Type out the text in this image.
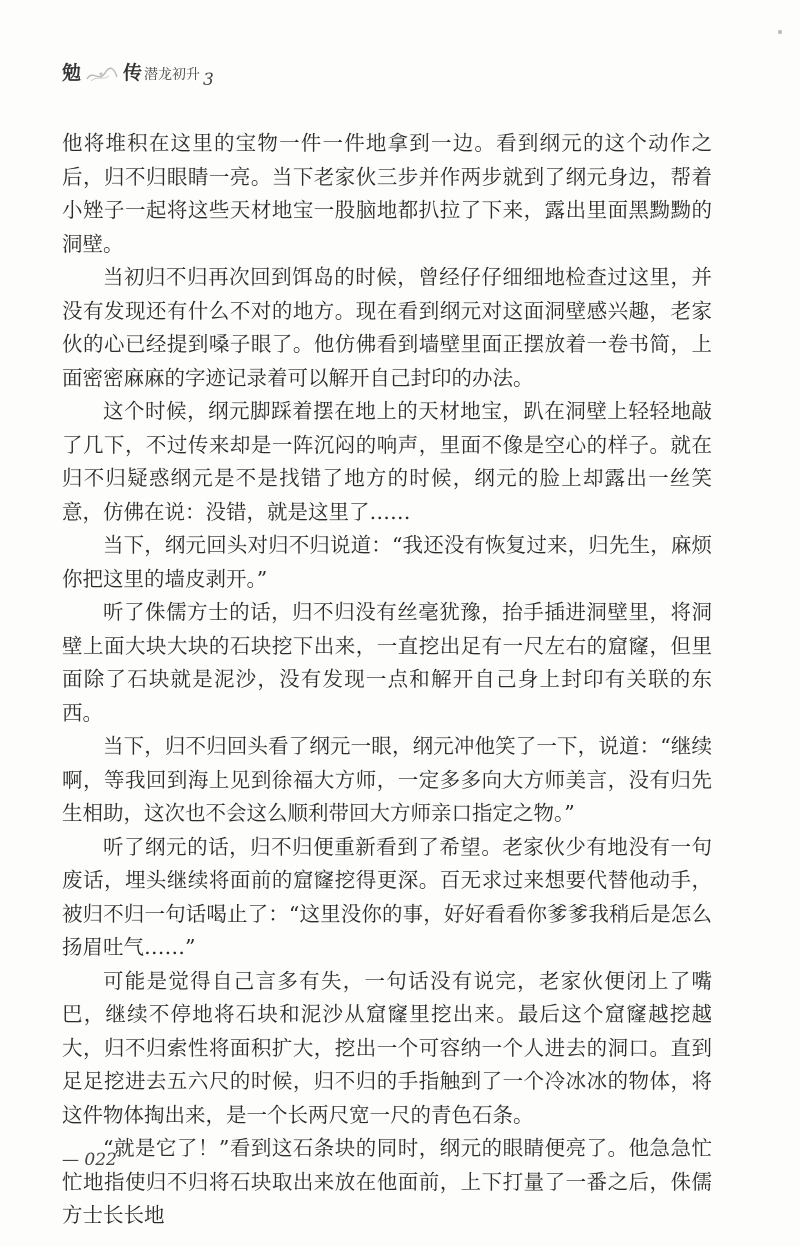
勉 传 潜龙初升 3

他将堆积在这里的宝物一件一件地拿到一边。看到纲元的这个动作之后，归不归眼睛一亮。当下老家伙三步并作两步就到了纲元身边，帮着小矬子一起将这些天材地宝一股脑地都扒拉了下来，露出里面黑黝黝的洞壁。

当初归不归再次回到饵岛的时候，曾经仔仔细细地检查过这里，并没有发现还有什么不对的地方。现在看到纲元对这面洞壁感兴趣，老家伙的心已经提到嗓子眼了。他仿佛看到墙壁里面正摆放着一卷书简，上面密密麻麻的字迹记录着可以解开自己封印的办法。

这个时候，纲元脚踩着摆在地上的天材地宝，趴在洞壁上轻轻地敲了几下，不过传来却是一阵沉闷的响声，里面不像是空心的样子。就在归不归疑惑纲元是不是找错了地方的时候，纲元的脸上却露出一丝笑意，仿佛在说：没错，就是这里了……

当下，纲元回头对归不归说道：“我还没有恢复过来，归先生，麻烦你把这里的墙皮剥开。”

听了侏儒方士的话，归不归没有丝毫犹豫，抬手插进洞壁里，将洞壁上面大块大块的石块挖下出来，一直挖出足有一尺左右的窟窿，但里面除了石块就是泥沙，没有发现一点和解开自己身上封印有关联的东西。

当下，归不归回头看了纲元一眼，纲元冲他笑了一下，说道：“继续啊，等我回到海上见到徐福大方师，一定多多向大方师美言，没有归先生相助，这次也不会这么顺利带回大方师亲口指定之物。”

听了纲元的话，归不归便重新看到了希望。老家伙少有地没有一句废话，埋头继续将面前的窟窿挖得更深。百无求过来想要代替他动手，被归不归一句话喝止了：“这里没你的事，好好看看你爹爹我稍后是怎么扬眉吐气……”

可能是觉得自己言多有失，一句话没有说完，老家伙便闭上了嘴巴，继续不停地将石块和泥沙从窟窿里挖出来。最后这个窟窿越挖越大，归不归索性将面积扩大，挖出一个可容纳一个人进去的洞口。直到足足挖进去五六尺的时候，归不归的手指触到了一个冷冰冰的物体，将这件物体掏出来，是一个长两尺宽一尺的青色石条。

“就是它了！”看到这石条块的同时，纲元的眼睛便亮了。他急急忙忙地指使归不归将石块取出来放在他面前，上下打量了一番之后，侏儒方士长长地

— 022
